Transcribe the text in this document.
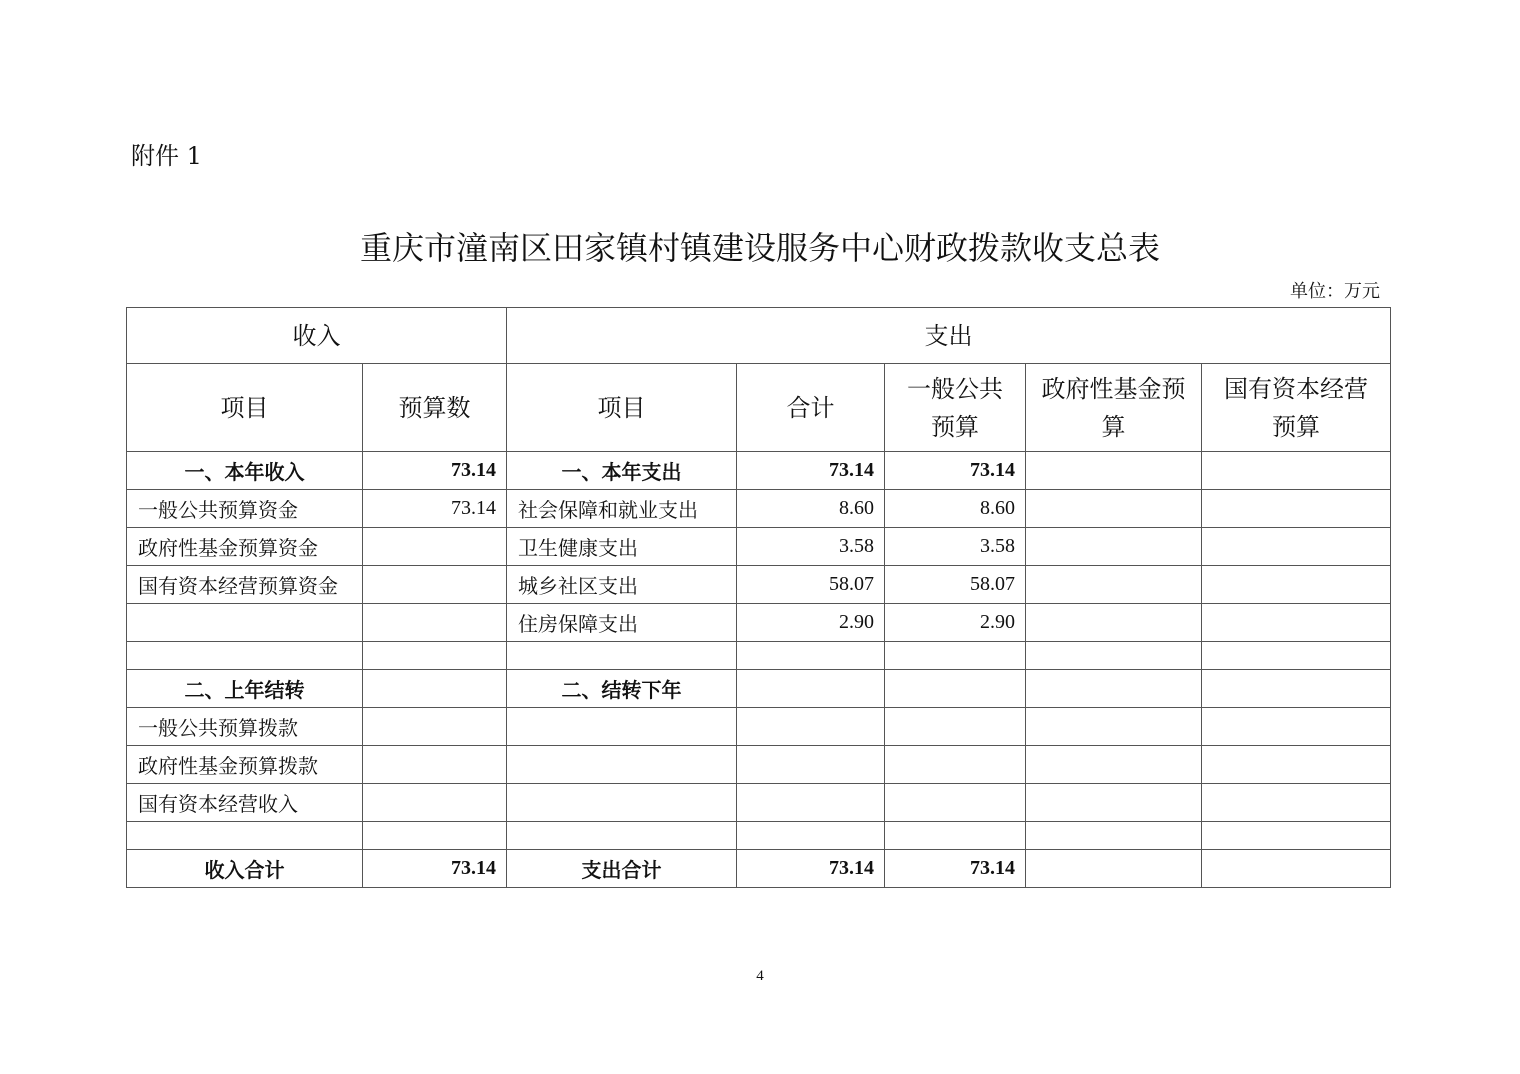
附件 1
重庆市潼南区田家镇村镇建设服务中心财政拨款收支总表
单位：万元
收入		支出				
项目	预算数	项目	合计	一般公共预算	政府性基金预算	国有资本经营预算
一、本年收入	73.14	一、本年支出	73.14	73.14		
一般公共预算资金	73.14	社会保障和就业支出	8.60	8.60		
政府性基金预算资金		卫生健康支出	3.58	3.58		
国有资本经营预算资金		城乡社区支出	58.07	58.07		
		住房保障支出	2.90	2.90		

二、上年结转		二、结转下年				
一般公共预算拨款						
政府性基金预算拨款						
国有资本经营收入						

收入合计	73.14	支出合计	73.14	73.14		
4
